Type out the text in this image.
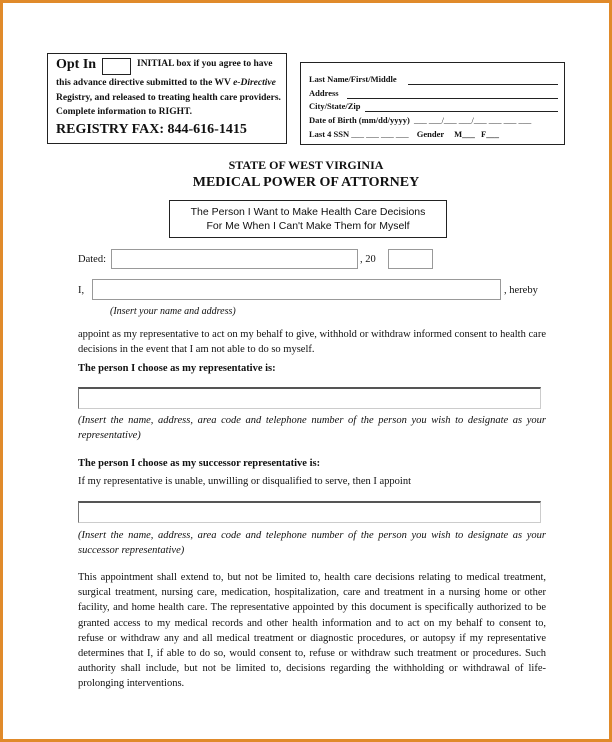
Opt In	INITIAL box if you agree to have
this advance directive submitted to the WV e-Directive
Registry, and released to treating health care providers.
Complete information to RIGHT.
REGISTRY FAX: 844-616-1415
Last Name/First/Middle
Address
City/State/Zip
Date of Birth (mm/dd/yyyy) ___ ___/___ ___/___ ___ ___ ___
Last 4 SSN ___ ___ ___ ___ Gender M___ F___
STATE OF WEST VIRGINIA
MEDICAL POWER OF ATTORNEY
The Person I Want to Make Health Care Decisions
For Me When I Can't Make Them for Myself
Dated:	, 20
I,	, hereby
(Insert your name and address)
appoint as my representative to act on my behalf to give, withhold or withdraw informed consent to health care decisions in the event that I am not able to do so myself.
The person I choose as my representative is:
(Insert the name, address, area code and telephone number of the person you wish to designate as your representative)
The person I choose as my successor representative is:
If my representative is unable, unwilling or disqualified to serve, then I appoint
(Insert the name, address, area code and telephone number of the person you wish to designate as your successor representative)
This appointment shall extend to, but not be limited to, health care decisions relating to medical treatment, surgical treatment, nursing care, medication, hospitalization, care and treatment in a nursing home or other facility, and home health care. The representative appointed by this document is specifically authorized to be granted access to my medical records and other health information and to act on my behalf to consent to, refuse or withdraw any and all medical treatment or diagnostic procedures, or autopsy if my representative determines that I, if able to do so, would consent to, refuse or withdraw such treatment or procedures. Such authority shall include, but not be limited to, decisions regarding the withholding or withdrawal of life-prolonging interventions.
